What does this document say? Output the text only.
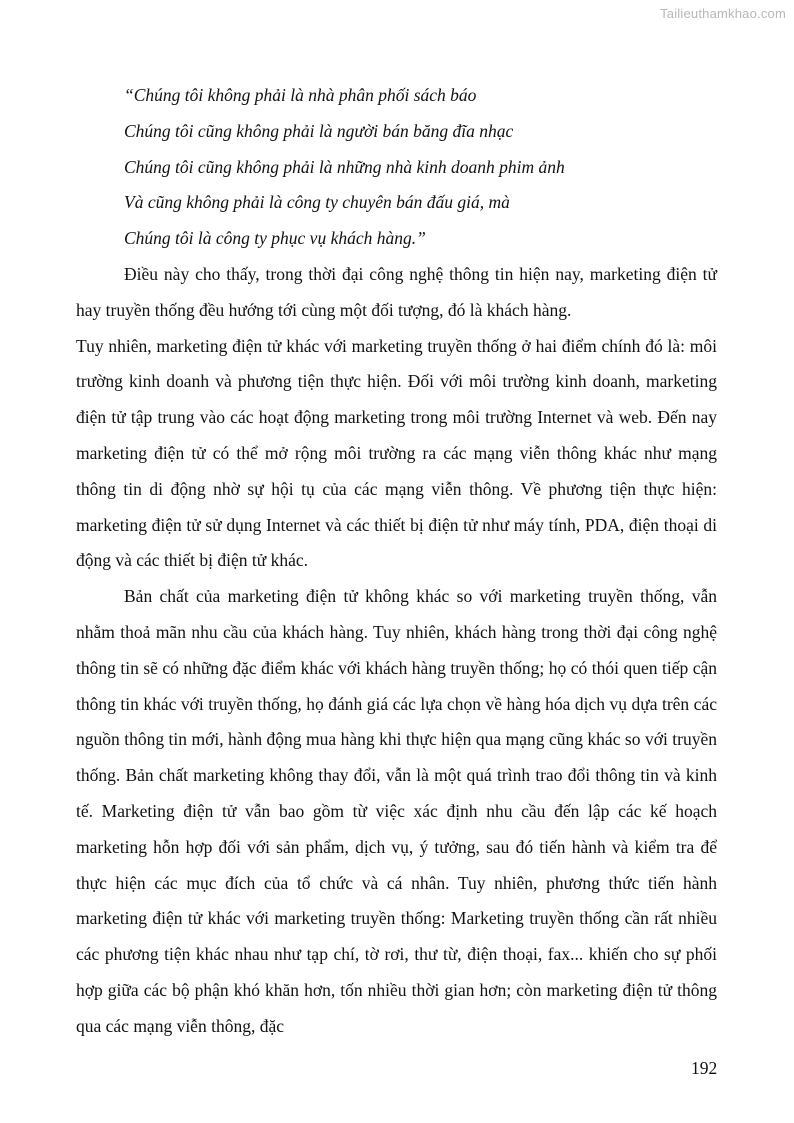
Tailieuthamkhao.com

“Chúng tôi không phải là nhà phân phối sách báo

Chúng tôi cũng không phải là người bán băng đĩa nhạc

Chúng tôi cũng không phải là những nhà kinh doanh phim ảnh

Và cũng không phải là công ty chuyên bán đấu giá, mà

Chúng tôi là công ty phục vụ khách hàng.”

Điều này cho thấy, trong thời đại công nghệ thông tin hiện nay, marketing điện tử hay truyền thống đều hướng tới cùng một đối tượng, đó là khách hàng.

Tuy nhiên, marketing điện tử khác với marketing truyền thống ở hai điểm chính đó là: môi trường kinh doanh và phương tiện thực hiện. Đối với môi trường kinh doanh, marketing điện tử tập trung vào các hoạt động marketing trong môi trường Internet và web. Đến nay marketing điện tử có thể mở rộng môi trường ra các mạng viễn thông khác như mạng thông tin di động nhờ sự hội tụ của các mạng viễn thông. Về phương tiện thực hiện: marketing điện tử sử dụng Internet và các thiết bị điện tử như máy tính, PDA, điện thoại di động và các thiết bị điện tử khác.

Bản chất của marketing điện tử không khác so với marketing truyền thống, vẫn nhằm thoả mãn nhu cầu của khách hàng. Tuy nhiên, khách hàng trong thời đại công nghệ thông tin sẽ có những đặc điểm khác với khách hàng truyền thống; họ có thói quen tiếp cận thông tin khác với truyền thống, họ đánh giá các lựa chọn về hàng hóa dịch vụ dựa trên các nguồn thông tin mới, hành động mua hàng khi thực hiện qua mạng cũng khác so với truyền thống. Bản chất marketing không thay đổi, vẫn là một quá trình trao đổi thông tin và kinh tế. Marketing điện tử vẫn bao gồm từ việc xác định nhu cầu đến lập các kế hoạch marketing hỗn hợp đối với sản phẩm, dịch vụ, ý tưởng, sau đó tiến hành và kiểm tra để thực hiện các mục đích của tổ chức và cá nhân. Tuy nhiên, phương thức tiến hành marketing điện tử khác với marketing truyền thống: Marketing truyền thống cần rất nhiều các phương tiện khác nhau như tạp chí, tờ rơi, thư từ, điện thoại, fax... khiến cho sự phối hợp giữa các bộ phận khó khăn hơn, tốn nhiều thời gian hơn; còn marketing điện tử thông qua các mạng viễn thông, đặc

192
